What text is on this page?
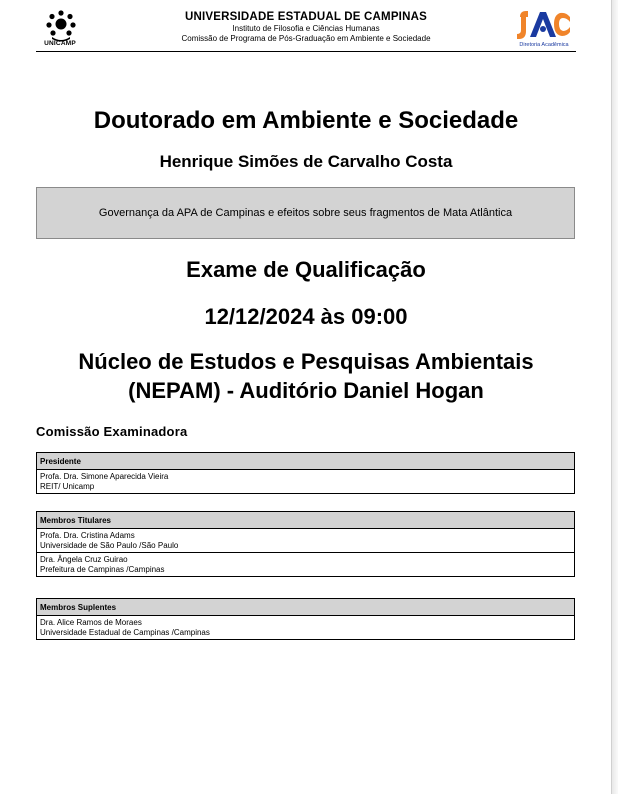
UNICAMP
UNIVERSIDADE ESTADUAL DE CAMPINAS
Instituto de Filosofia e Ciências Humanas
Comissão de Programa de Pós-Graduação em Ambiente e Sociedade
Diretoria Acadêmica
Doutorado em Ambiente e Sociedade
Henrique Simões de Carvalho Costa
Governança da APA de Campinas e efeitos sobre seus fragmentos de Mata Atlântica
Exame de Qualificação
12/12/2024 às 09:00
Núcleo de Estudos e Pesquisas Ambientais
(NEPAM) - Auditório Daniel Hogan
Comissão Examinadora
Presidente
Profa. Dra. Simone Aparecida Vieira
REIT/ Unicamp
Membros Titulares
Profa. Dra. Cristina Adams
Universidade de São Paulo /São Paulo
Dra. Ângela Cruz Guirao
Prefeitura de Campinas /Campinas
Membros Suplentes
Dra. Alice Ramos de Moraes
Universidade Estadual de Campinas /Campinas
